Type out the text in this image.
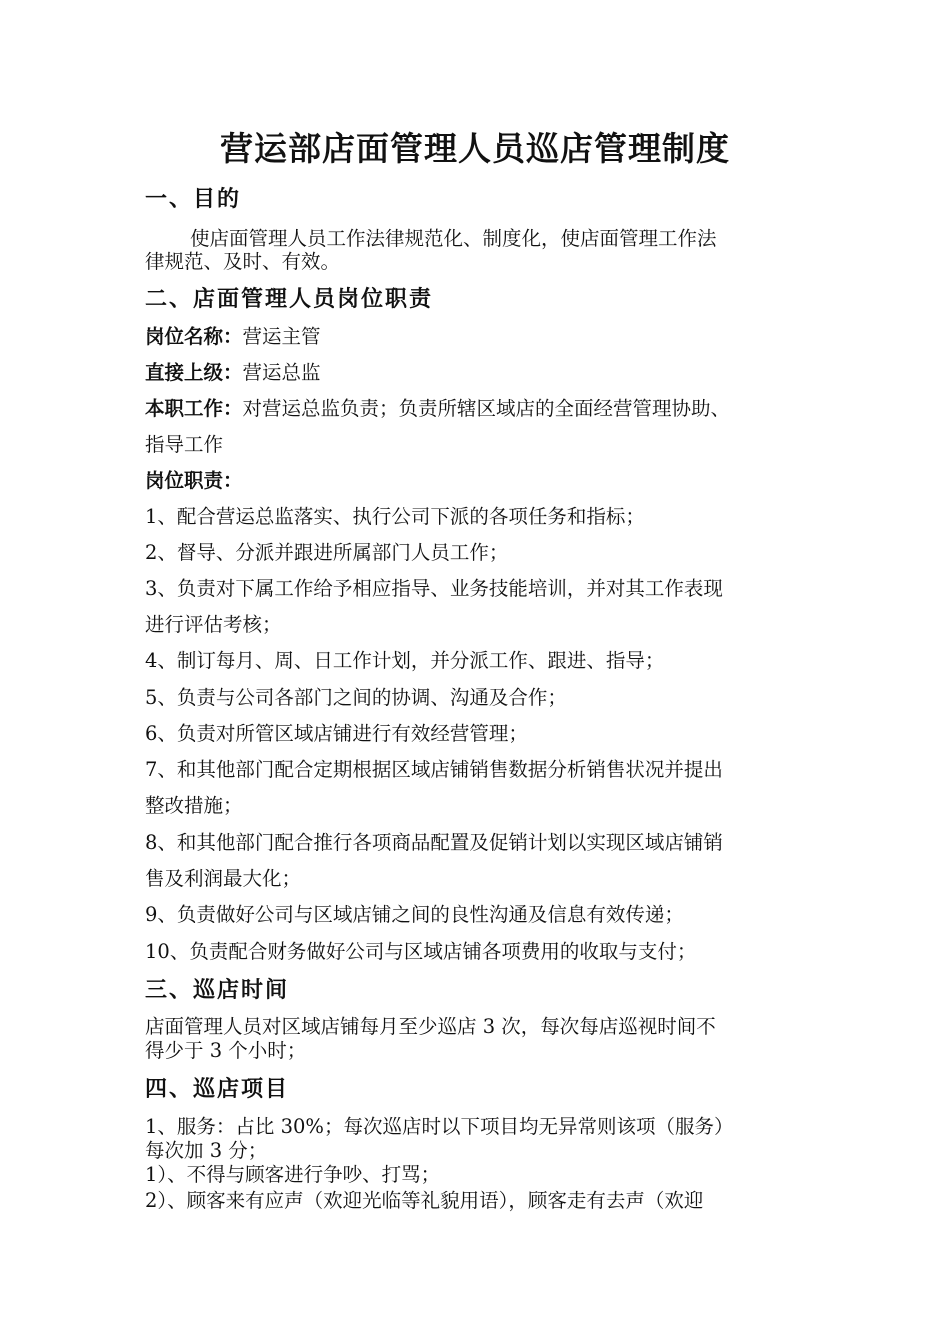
营运部店面管理人员巡店管理制度
一、目的
使店面管理人员工作法律规范化、制度化，使店面管理工作法
律规范、及时、有效。
二、店面管理人员岗位职责
岗位名称：营运主管
直接上级：营运总监
本职工作：对营运总监负责；负责所辖区域店的全面经营管理协助、
指导工作
岗位职责：
1、配合营运总监落实、执行公司下派的各项任务和指标；
2、督导、分派并跟进所属部门人员工作；
3、负责对下属工作给予相应指导、业务技能培训，并对其工作表现
进行评估考核；
4、制订每月、周、日工作计划，并分派工作、跟进、指导；
5、负责与公司各部门之间的协调、沟通及合作；
6、负责对所管区域店铺进行有效经营管理；
7、和其他部门配合定期根据区域店铺销售数据分析销售状况并提出
整改措施；
8、和其他部门配合推行各项商品配置及促销计划以实现区域店铺销
售及利润最大化；
9、负责做好公司与区域店铺之间的良性沟通及信息有效传递；
10、负责配合财务做好公司与区域店铺各项费用的收取与支付；
三、巡店时间
店面管理人员对区域店铺每月至少巡店 3 次，每次每店巡视时间不
得少于 3 个小时；
四、巡店项目
1、服务：占比 30%；每次巡店时以下项目均无异常则该项（服务）
每次加 3 分；
1）、不得与顾客进行争吵、打骂；
2）、顾客来有应声（欢迎光临等礼貌用语），顾客走有去声（欢迎
